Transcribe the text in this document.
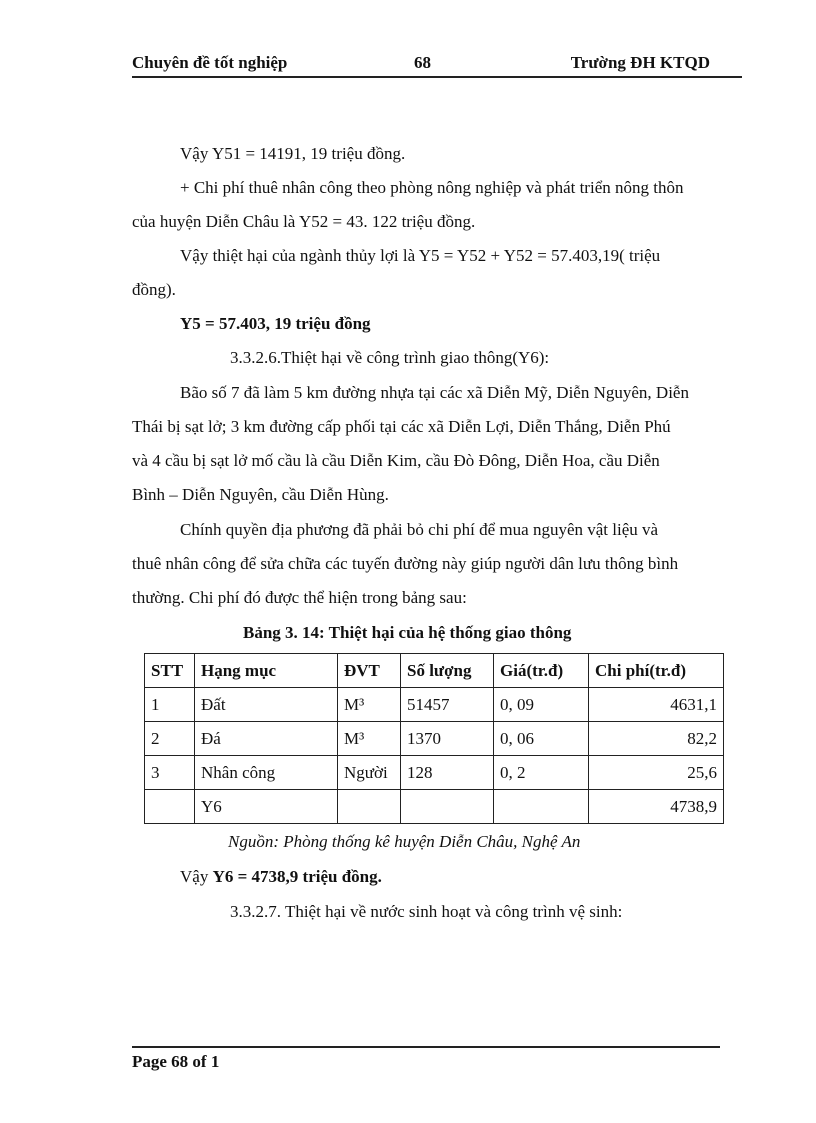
Chuyên đề tốt nghiệp	68	Trường ĐH KTQD
Vậy Y51 = 14191, 19 triệu đồng.
+ Chi phí thuê nhân công theo phòng nông nghiệp và phát triển nông thôn
của huyện Diễn Châu là Y52 = 43. 122 triệu đồng.
Vậy thiệt hại của ngành thủy lợi là Y5 = Y52 + Y52 = 57.403,19( triệu
đồng).
Y5 = 57.403, 19 triệu đồng
3.3.2.6.Thiệt hại về công trình giao thông(Y6):
Bão số 7 đã làm 5 km đường nhựa tại các xã Diễn Mỹ, Diễn Nguyên, Diễn
Thái bị sạt lở; 3 km đường cấp phối tại các xã Diễn Lợi, Diễn Thắng, Diễn Phú
và 4 cầu bị sạt lở mố cầu là cầu Diễn Kim, cầu Đò Đông, Diễn Hoa, cầu Diễn
Bình – Diễn Nguyên, cầu Diễn Hùng.
Chính quyền địa phương đã phải bỏ chi phí để mua nguyên vật liệu và
thuê nhân công để sửa chữa các tuyến đường này giúp người dân lưu thông bình
thường. Chi phí đó được thể hiện trong bảng sau:
Bảng 3. 14: Thiệt hại của hệ thống giao thông
STT	Hạng mục	ĐVT	Số lượng	Giá(tr.đ)	Chi phí(tr.đ)
1	Đất	M³	51457	0, 09	4631,1
2	Đá	M³	1370	0, 06	82,2
3	Nhân công	Người	128	0, 2	25,6
	Y6				4738,9
Nguồn: Phòng thống kê huyện Diễn Châu, Nghệ An
Vậy Y6 = 4738,9 triệu đồng.
3.3.2.7. Thiệt hại về nước sinh hoạt và công trình vệ sinh:
Page 68 of 1
